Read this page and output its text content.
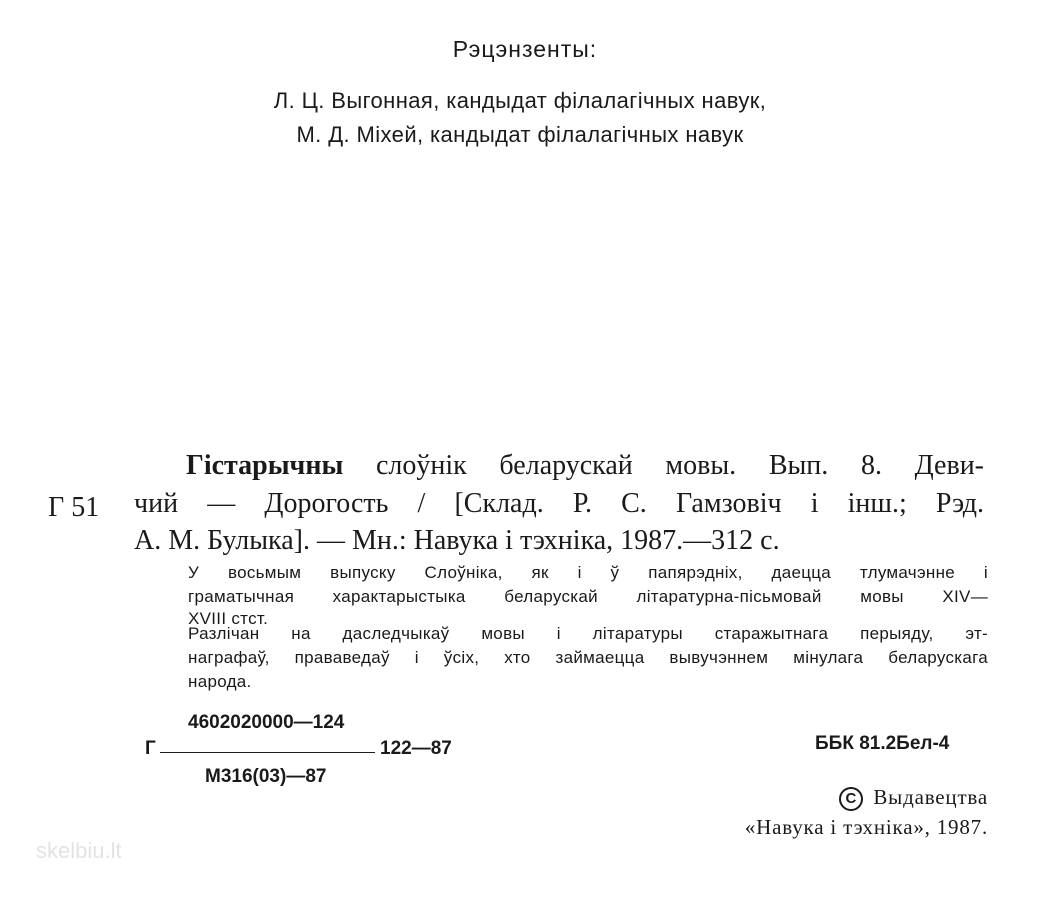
Рэцэнзенты:
Л. Ц. Выгонная, кандыдат філалагічных навук,
М. Д. Міхей, кандыдат філалагічных навук
Г 51
Гістарычны слоўнік беларускай мовы. Вып. 8. Деви-
чий — Дорогость / [Склад. Р. С. Гамзовіч і інш.; Рэд.
А. М. Булыка]. — Мн.: Навука і тэхніка, 1987.—312 с.
У восьмым выпуску Слоўніка, як і ў папярэдніх, даецца тлумачэнне і
граматычная характарыстыка беларускай літаратурна-пісьмовай мовы XIV—
XVIII стст.
Разлічан на даследчыкаў мовы і літаратуры старажытнага перыяду, эт-
награфаў, прававедаў і ўсіх, хто займаецца вывучэннем мінулага беларускага
народа.
4602020000—124
Г	122—87
М316(03)—87
ББК 81.2Бел-4
C Выдавецтва
«Навука і тэхніка», 1987.
skelbiu.lt
